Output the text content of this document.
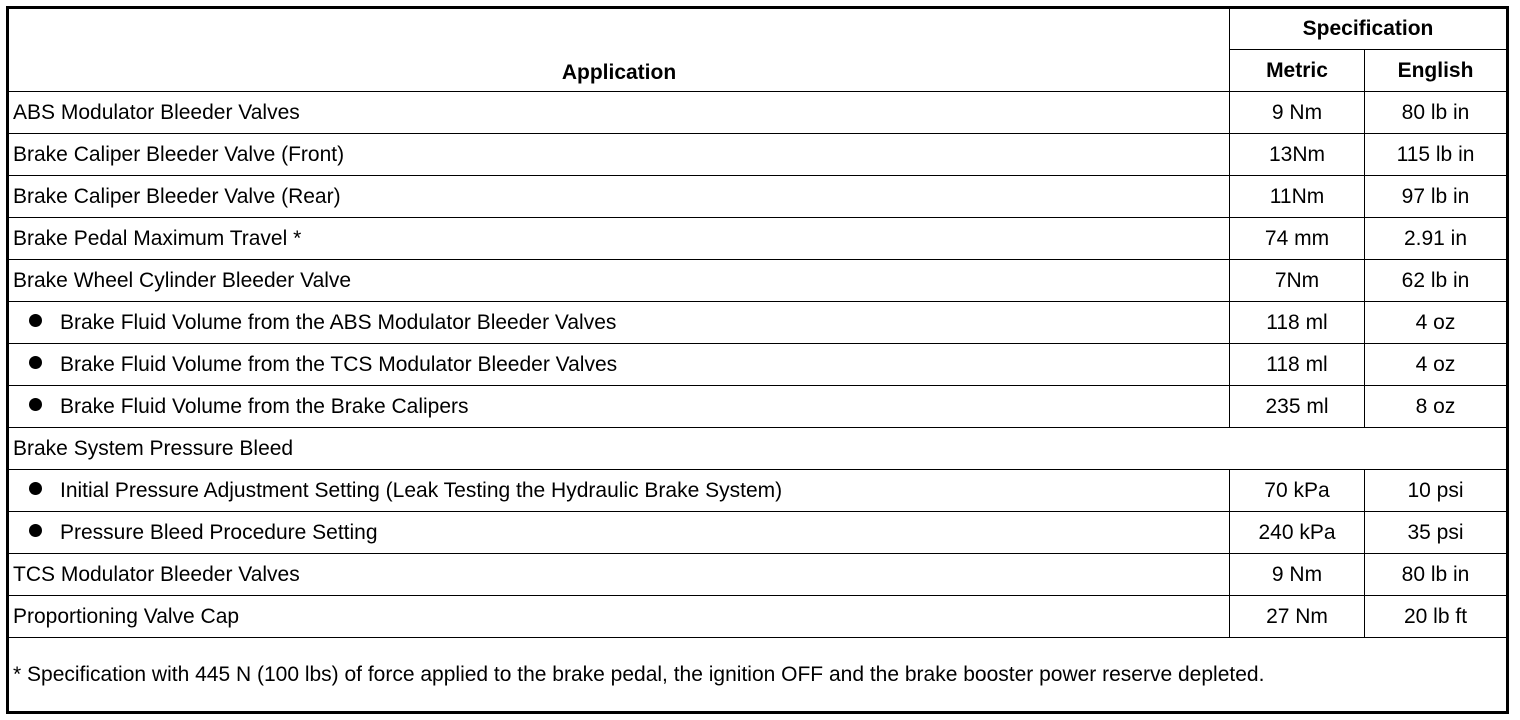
Application	Specification	
	Metric	English
ABS Modulator Bleeder Valves	9 Nm	80 lb in
Brake Caliper Bleeder Valve (Front)	13Nm	115 lb in
Brake Caliper Bleeder Valve (Rear)	11Nm	97 lb in
Brake Pedal Maximum Travel *	74 mm	2.91 in
Brake Wheel Cylinder Bleeder Valve	7Nm	62 lb in
Brake Fluid Volume from the ABS Modulator Bleeder Valves	118 ml	4 oz
Brake Fluid Volume from the TCS Modulator Bleeder Valves	118 ml	4 oz
Brake Fluid Volume from the Brake Calipers	235 ml	8 oz
Brake System Pressure Bleed		
Initial Pressure Adjustment Setting (Leak Testing the Hydraulic Brake System)	70 kPa	10 psi
Pressure Bleed Procedure Setting	240 kPa	35 psi
TCS Modulator Bleeder Valves	9 Nm	80 lb in
Proportioning Valve Cap	27 Nm	20 lb ft
* Specification with 445 N (100 lbs) of force applied to the brake pedal, the ignition OFF and the brake booster power reserve depleted.		
